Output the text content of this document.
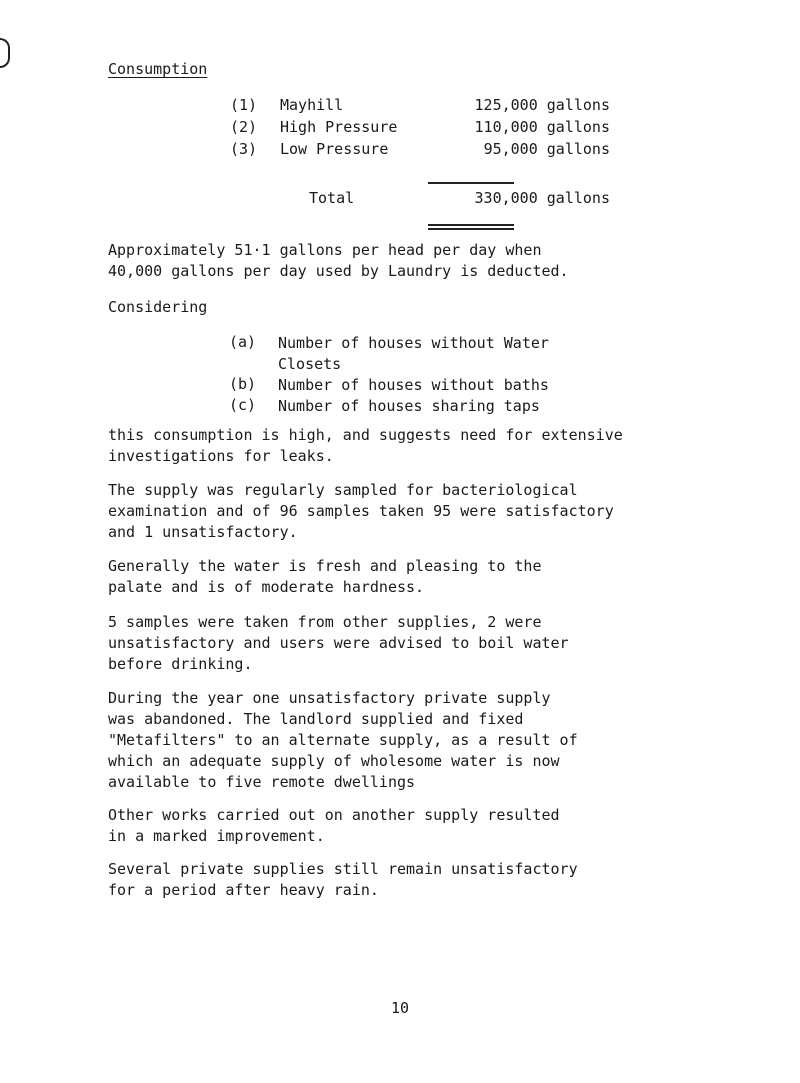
Consumption
(1) Mayhill	125,000 gallons
(2) High Pressure	110,000 gallons
(3) Low Pressure	95,000 gallons
Total	330,000 gallons
Approximately 51·1 gallons per head per day when
40,000 gallons per day used by Laundry is deducted.
Considering
(a) Number of houses without Water
Closets
(b) Number of houses without baths
(c) Number of houses sharing taps
this consumption is high, and suggests need for extensive
investigations for leaks.
The supply was regularly sampled for bacteriological
examination and of 96 samples taken 95 were satisfactory
and 1 unsatisfactory.
Generally the water is fresh and pleasing to the
palate and is of moderate hardness.
5 samples were taken from other supplies, 2 were
unsatisfactory and users were advised to boil water
before drinking.
During the year one unsatisfactory private supply
was abandoned. The landlord supplied and fixed
"Metafilters" to an alternate supply, as a result of
which an adequate supply of wholesome water is now
available to five remote dwellings
Other works carried out on another supply resulted
in a marked improvement.
Several private supplies still remain unsatisfactory
for a period after heavy rain.
10
